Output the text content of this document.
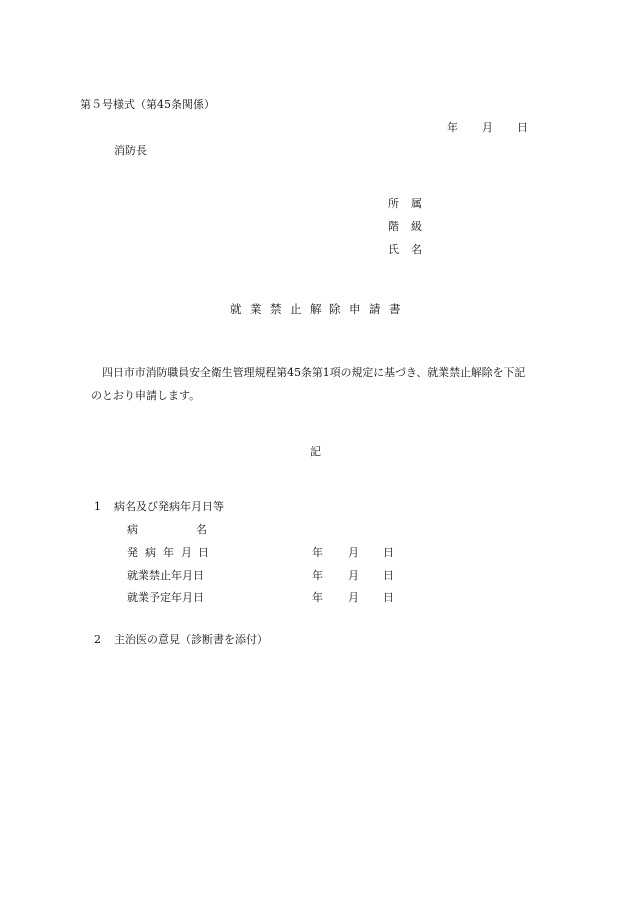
第５号様式（第45条関係）
年 月 日
消防長
所 属
階 級
氏 名
就 業 禁 止 解 除 申 請 書
四日市市消防職員安全衛生管理規程第45条第1項の規定に基づき、就業禁止解除を下記
のとおり申請します。
記
1 病名及び発病年月日等
病	名
発 病 年 月 日	年 月 日
就業禁止年月日	年 月 日
就業予定年月日	年 月 日
2 主治医の意見（診断書を添付）
